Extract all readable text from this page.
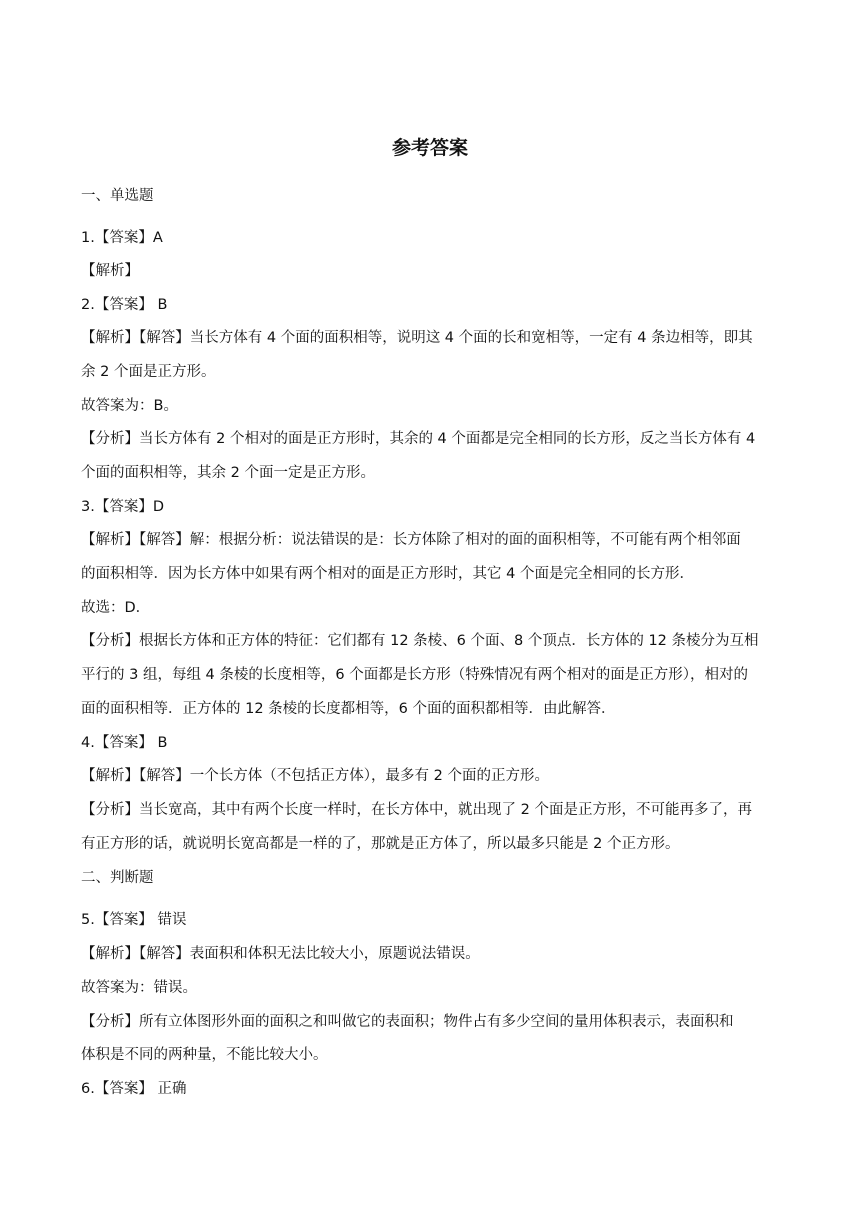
参考答案
一、单选题
1.【答案】A
【解析】
2.【答案】 B
【解析】【解答】当长方体有 4 个面的面积相等，说明这 4 个面的长和宽相等，一定有 4 条边相等，即其
余 2 个面是正方形。
故答案为：B。
【分析】当长方体有 2 个相对的面是正方形时，其余的 4 个面都是完全相同的长方形，反之当长方体有 4
个面的面积相等，其余 2 个面一定是正方形。
3.【答案】D
【解析】【解答】解：根据分析：说法错误的是：长方体除了相对的面的面积相等，不可能有两个相邻面
的面积相等．因为长方体中如果有两个相对的面是正方形时，其它 4 个面是完全相同的长方形．
故选：D．
【分析】根据长方体和正方体的特征：它们都有 12 条棱、6 个面、8 个顶点．长方体的 12 条棱分为互相
平行的 3 组，每组 4 条棱的长度相等，6 个面都是长方形（特殊情况有两个相对的面是正方形），相对的
面的面积相等．正方体的 12 条棱的长度都相等，6 个面的面积都相等．由此解答．
4.【答案】 B
【解析】【解答】一个长方体（不包括正方体），最多有 2 个面的正方形。
【分析】当长宽高，其中有两个长度一样时，在长方体中，就出现了 2 个面是正方形，不可能再多了，再
有正方形的话，就说明长宽高都是一样的了，那就是正方体了，所以最多只能是 2 个正方形。
二、判断题
5.【答案】 错误
【解析】【解答】表面积和体积无法比较大小，原题说法错误。
故答案为：错误。
【分析】所有立体图形外面的面积之和叫做它的表面积；物件占有多少空间的量用体积表示，表面积和
体积是不同的两种量，不能比较大小。
6.【答案】 正确
